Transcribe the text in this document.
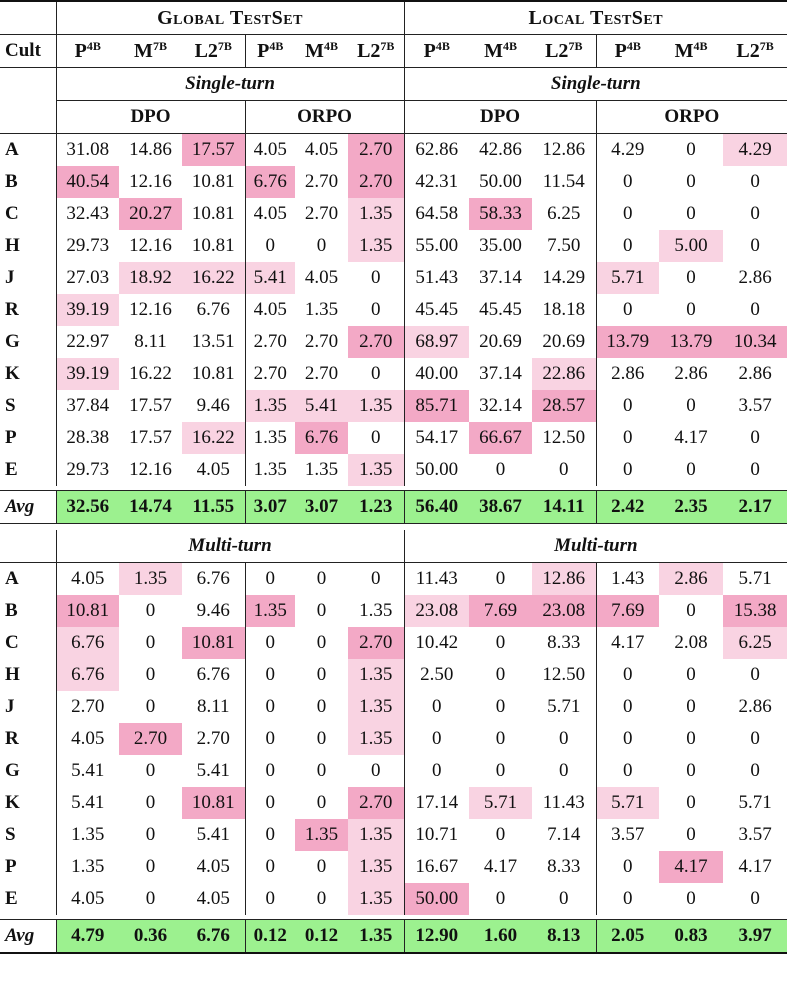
	Global TestSet						Local TestSet					
Cult	$P^{4B}$	$M^{7B}$	$L2^{7B}$	$P^{4B}$	$M^{4B}$	$L2^{7B}$	$P^{4B}$	$M^{4B}$	$L2^{7B}$	$P^{4B}$	$M^{4B}$	$L2^{7B}$
	Single-turn						Single-turn					
	DPO			ORPO			DPO			ORPO		
A	31.08	14.86	17.57	4.05	4.05	2.70	62.86	42.86	12.86	4.29	0	4.29
B	40.54	12.16	10.81	6.76	2.70	2.70	42.31	50.00	11.54	0	0	0
C	32.43	20.27	10.81	4.05	2.70	1.35	64.58	58.33	6.25	0	0	0
H	29.73	12.16	10.81	0	0	1.35	55.00	35.00	7.50	0	5.00	0
J	27.03	18.92	16.22	5.41	4.05	0	51.43	37.14	14.29	5.71	0	2.86
R	39.19	12.16	6.76	4.05	1.35	0	45.45	45.45	18.18	0	0	0
G	22.97	8.11	13.51	2.70	2.70	2.70	68.97	20.69	20.69	13.79	13.79	10.34
K	39.19	16.22	10.81	2.70	2.70	0	40.00	37.14	22.86	2.86	2.86	2.86
S	37.84	17.57	9.46	1.35	5.41	1.35	85.71	32.14	28.57	0	0	3.57
P	28.38	17.57	16.22	1.35	6.76	0	54.17	66.67	12.50	0	4.17	0
E	29.73	12.16	4.05	1.35	1.35	1.35	50.00	0	0	0	0	0

Avg	32.56	14.74	11.55	3.07	3.07	1.23	56.40	38.67	14.11	2.42	2.35	2.17

	Multi-turn						Multi-turn					
A	4.05	1.35	6.76	0	0	0	11.43	0	12.86	1.43	2.86	5.71
B	10.81	0	9.46	1.35	0	1.35	23.08	7.69	23.08	7.69	0	15.38
C	6.76	0	10.81	0	0	2.70	10.42	0	8.33	4.17	2.08	6.25
H	6.76	0	6.76	0	0	1.35	2.50	0	12.50	0	0	0
J	2.70	0	8.11	0	0	1.35	0	0	5.71	0	0	2.86
R	4.05	2.70	2.70	0	0	1.35	0	0	0	0	0	0
G	5.41	0	5.41	0	0	0	0	0	0	0	0	0
K	5.41	0	10.81	0	0	2.70	17.14	5.71	11.43	5.71	0	5.71
S	1.35	0	5.41	0	1.35	1.35	10.71	0	7.14	3.57	0	3.57
P	1.35	0	4.05	0	0	1.35	16.67	4.17	8.33	0	4.17	4.17
E	4.05	0	4.05	0	0	1.35	50.00	0	0	0	0	0

Avg	4.79	0.36	6.76	0.12	0.12	1.35	12.90	1.60	8.13	2.05	0.83	3.97
